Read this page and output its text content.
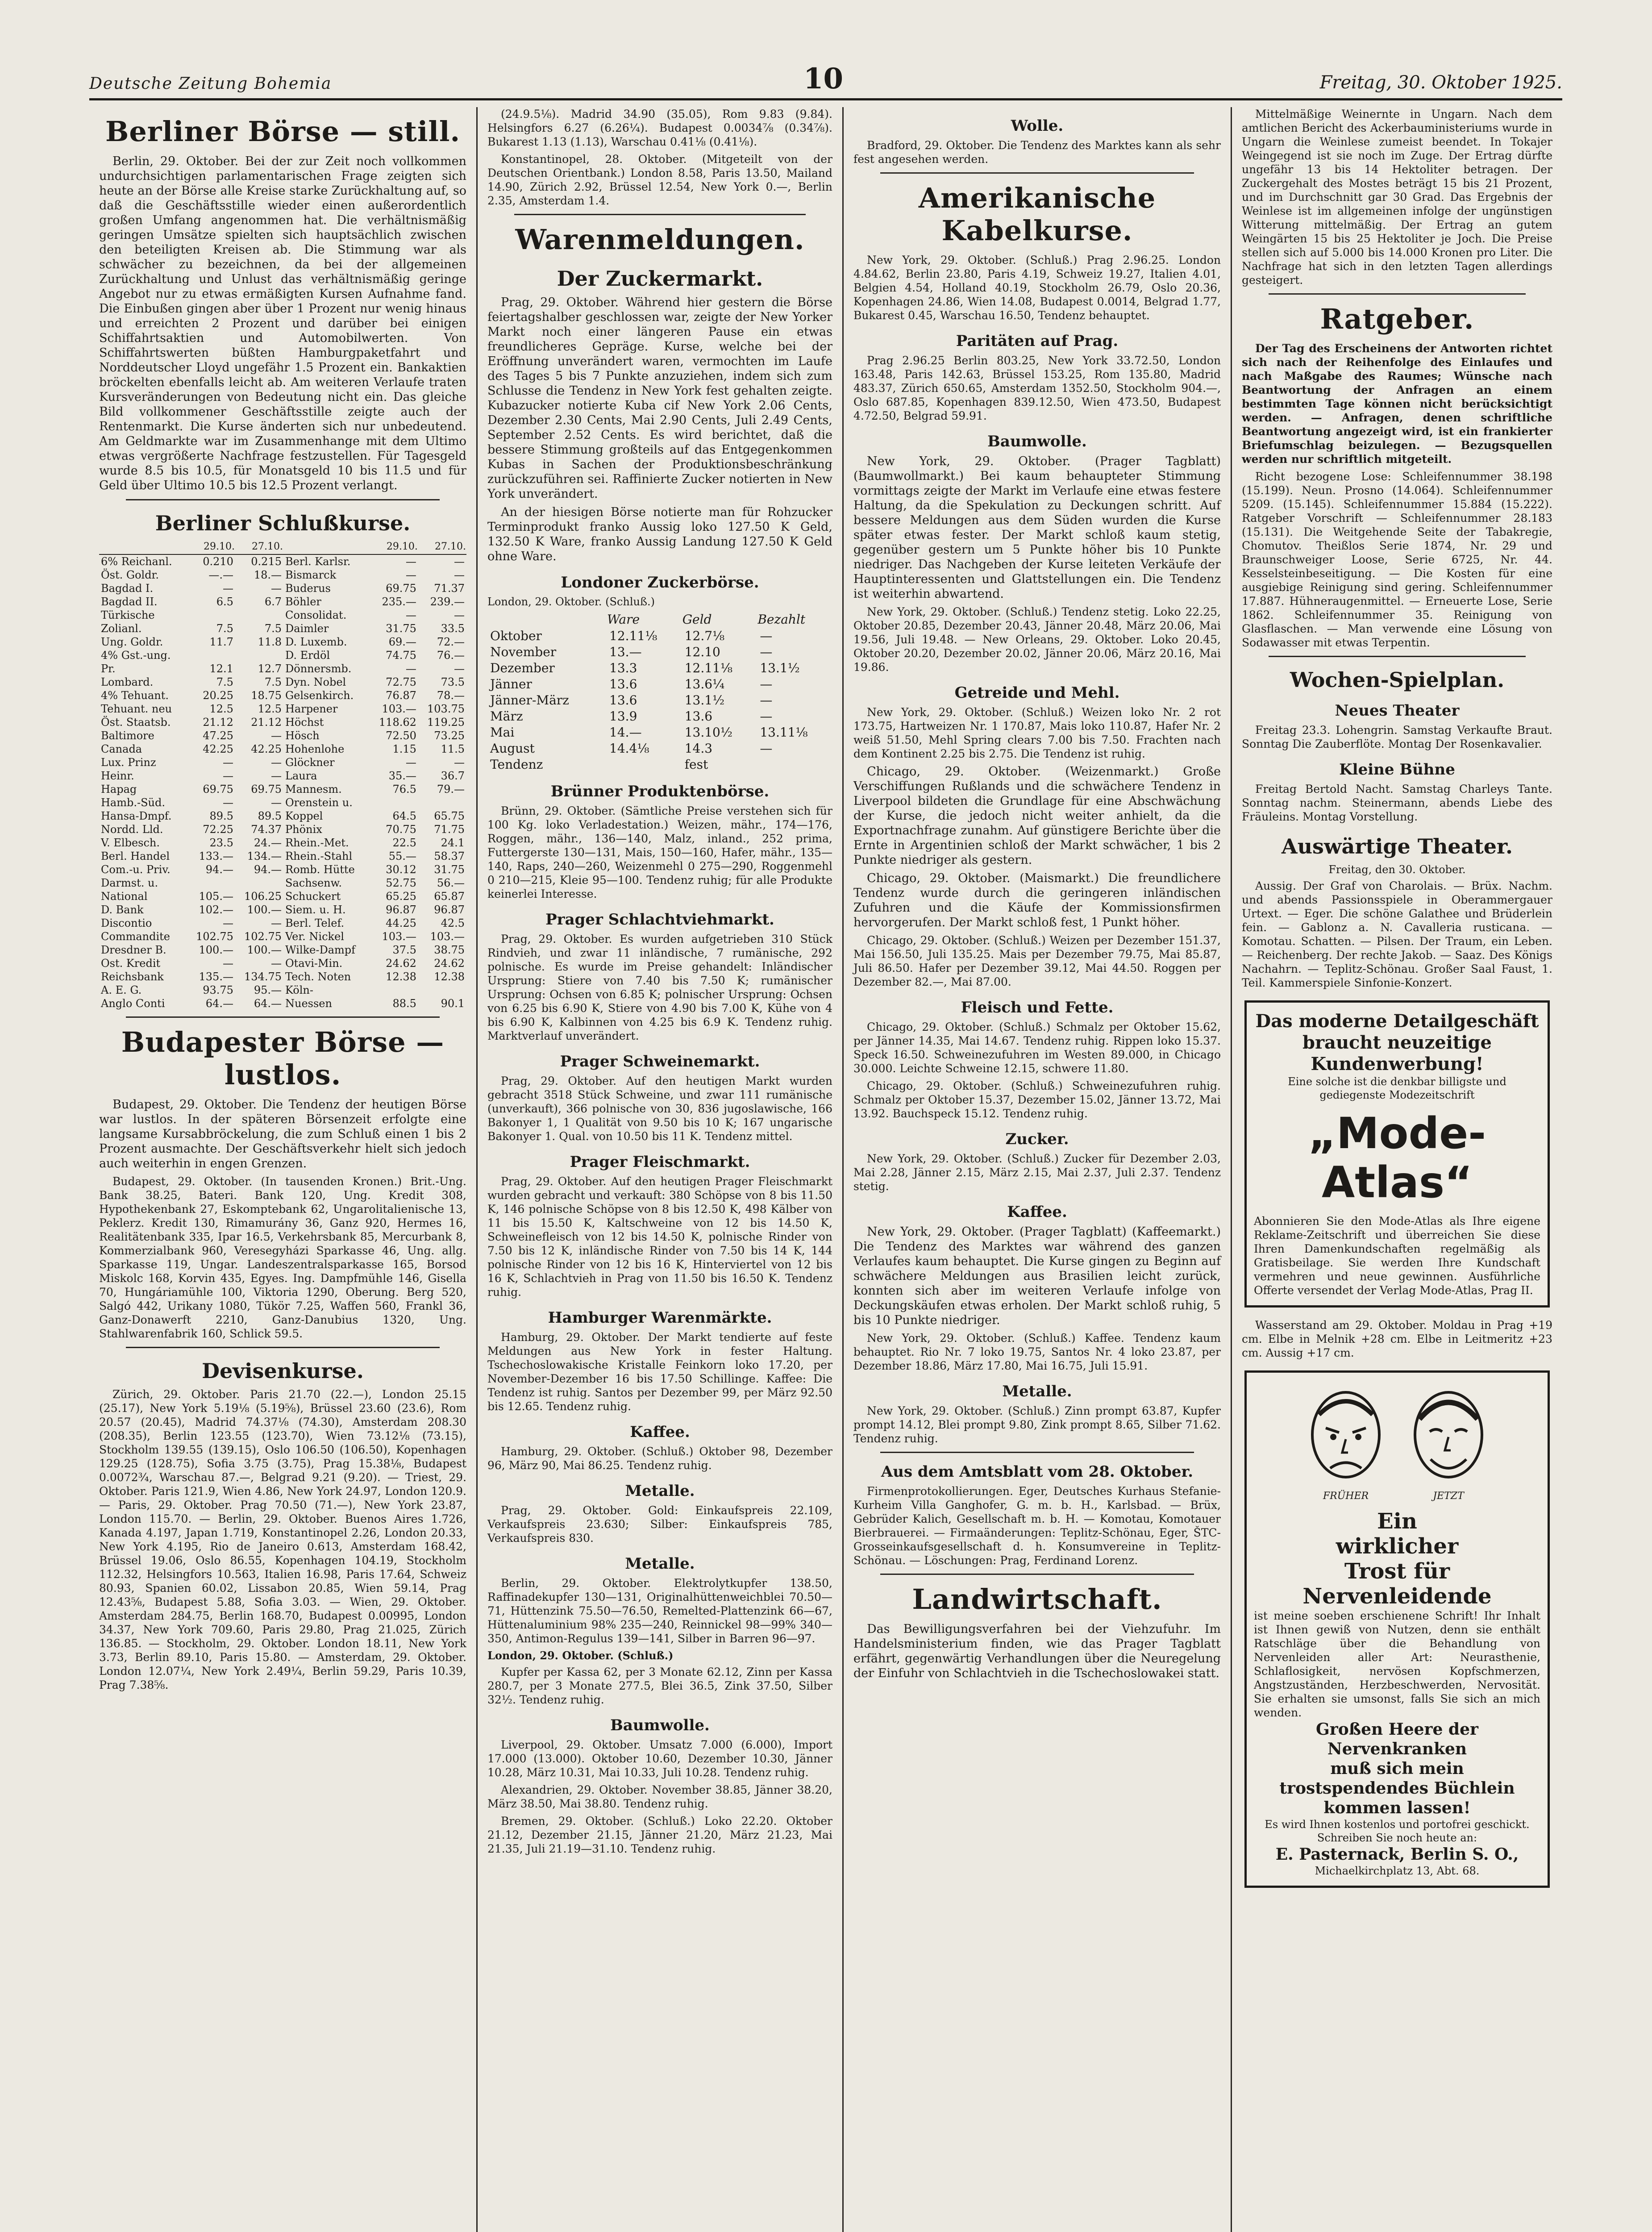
Deutsche Zeitung Bohemia	10	Freitag, 30. Oktober 1925.
Berliner Börse — still.

Berlin, 29. Oktober. Bei der zur Zeit noch vollkommen undurchsichtigen parlamentarischen Frage zeigten sich heute an der Börse alle Kreise starke Zurückhaltung auf, so daß die Geschäftsstille wieder einen außerordentlich großen Umfang angenommen hat. Die verhältnismäßig geringen Umsätze spielten sich hauptsächlich zwischen den beteiligten Kreisen ab. Die Stimmung war als schwächer zu bezeichnen, da bei der allgemeinen Zurückhaltung und Unlust das verhältnismäßig geringe Angebot nur zu etwas ermäßigten Kursen Aufnahme fand. Die Einbußen gingen aber über 1 Prozent nur wenig hinaus und erreichten 2 Prozent und darüber bei einigen Schiffahrtsaktien und Automobilwerten. Von Schiffahrtswerten büßten Hamburgpaketfahrt und Norddeutscher Lloyd ungefähr 1.5 Prozent ein. Bankaktien bröckelten ebenfalls leicht ab. Am weiteren Verlaufe traten Kursveränderungen von Bedeutung nicht ein. Das gleiche Bild vollkommener Geschäftsstille zeigte auch der Rentenmarkt. Die Kurse änderten sich nur unbedeutend. Am Geldmarkte war im Zusammenhange mit dem Ultimo etwas vergrößerte Nachfrage festzustellen. Für Tagesgeld wurde 8.5 bis 10.5, für Monatsgeld 10 bis 11.5 und für Geld über Ultimo 10.5 bis 12.5 Prozent verlangt.

Berliner Schlußkurse.
	29.10.	27.10.		29.10.	27.10.
6% Reichanl.	0.210	0.215	Berl. Karlsr.	—	—
Öst. Goldr.	—.—	18.—	Bismarck	—	—
Bagdad I.	—	—	Buderus	69.75	71.37
Bagdad II.	6.5	6.7	Böhler	235.—	239.—
Türkische			Consolidat.	—	—
Zolianl.	7.5	7.5	Daimler	31.75	33.5
Ung. Goldr.	11.7	11.8	D. Luxemb.	69.—	72.—
4% Gst.-ung.			D. Erdöl	74.75	76.—
Pr.	12.1	12.7	Dönnersmb.	—	—
Lombard.	7.5	7.5	Dyn. Nobel	72.75	73.5
4% Tehuant.	20.25	18.75	Gelsenkirch.	76.87	78.—
Tehuant. neu	12.5	12.5	Harpener	103.—	103.75
Öst. Staatsb.	21.12	21.12	Höchst	118.62	119.25
Baltimore	47.25	—	Hösch	72.50	73.25
Canada	42.25	42.25	Hohenlohe	1.15	11.5
Lux. Prinz	—	—	Glöckner	—	—
Heinr.	—	—	Laura	35.—	36.7
Hapag	69.75	69.75	Mannesm.	76.5	79.—
Hamb.-Süd.	—	—	Orenstein u.		
Hansa-Dmpf.	89.5	89.5	Koppel	64.5	65.75
Nordd. Lld.	72.25	74.37	Phönix	70.75	71.75
V. Elbesch.	23.5	24.—	Rhein.-Met.	22.5	24.1
Berl. Handel	133.—	134.—	Rhein.-Stahl	55.—	58.37
Com.-u. Priv.	94.—	94.—	Romb. Hütte	30.12	31.75
Darmst. u.			Sachsenw.	52.75	56.—
National	105.—	106.25	Schuckert	65.25	65.87
D. Bank	102.—	100.—	Siem. u. H.	96.87	96.87
Discontio	—	—	Berl. Telef.	44.25	42.5
Commandite	102.75	102.75	Ver. Nickel	103.—	103.—
Dresdner B.	100.—	100.—	Wilke-Dampf	37.5	38.75
Ost. Kredit	—	—	Otavi-Min.	24.62	24.62
Reichsbank	135.—	134.75	Tech. Noten	12.38	12.38
A. E. G.	93.75	95.—	Köln-		
Anglo Conti	64.—	64.—	Nuessen	88.5	90.1
Budapester Börse — lustlos.

Budapest, 29. Oktober. Die Tendenz der heutigen Börse war lustlos. In der späteren Börsenzeit erfolgte eine langsame Kursabbröckelung, die zum Schluß einen 1 bis 2 Prozent ausmachte. Der Geschäftsverkehr hielt sich jedoch auch weiterhin in engen Grenzen.

Budapest, 29. Oktober. (In tausenden Kronen.) Brit.-Ung. Bank 38.25, Bateri. Bank 120, Ung. Kredit 308, Hypothekenbank 27, Eskomptebank 62, Ungarolitalienische 13, Peklerz. Kredit 130, Rimamurány 36, Ganz 920, Hermes 16, Realitätenbank 335, Ipar 16.5, Verkehrsbank 85, Mercurbank 8, Kommerzialbank 960, Veresegyházi Sparkasse 46, Ung. allg. Sparkasse 119, Ungar. Landeszentralsparkasse 165, Borsod Miskolc 168, Korvin 435, Egyes. Ing. Dampfmühle 146, Gisella 70, Hungáriamühle 100, Viktoria 1290, Oberung. Berg 520, Salgó 442, Urikany 1080, Tükör 7.25, Waffen 560, Frankl 36, Ganz-Donawerft 2210, Ganz-Danubius 1320, Ung. Stahlwarenfabrik 160, Schlick 59.5.

Devisenkurse.

Zürich, 29. Oktober. Paris 21.70 (22.—), London 25.15 (25.17), New York 5.19⅛ (5.19⅝), Brüssel 23.60 (23.6), Rom 20.57 (20.45), Madrid 74.37⅛ (74.30), Amsterdam 208.30 (208.35), Berlin 123.55 (123.70), Wien 73.12⅛ (73.15), Stockholm 139.55 (139.15), Oslo 106.50 (106.50), Kopenhagen 129.25 (128.75), Sofia 3.75 (3.75), Prag 15.38⅛, Budapest 0.0072¾, Warschau 87.—, Belgrad 9.21 (9.20). — Triest, 29. Oktober. Paris 121.9, Wien 4.86, New York 24.97, London 120.9. — Paris, 29. Oktober. Prag 70.50 (71.—), New York 23.87, London 115.70. — Berlin, 29. Oktober. Buenos Aires 1.726, Kanada 4.197, Japan 1.719, Konstantinopel 2.26, London 20.33, New York 4.195, Rio de Janeiro 0.613, Amsterdam 168.42, Brüssel 19.06, Oslo 86.55, Kopenhagen 104.19, Stockholm 112.32, Helsingfors 10.563, Italien 16.98, Paris 17.64, Schweiz 80.93, Spanien 60.02, Lissabon 20.85, Wien 59.14, Prag 12.43⅝, Budapest 5.88, Sofia 3.03. — Wien, 29. Oktober. Amsterdam 284.75, Berlin 168.70, Budapest 0.00995, London 34.37, New York 709.60, Paris 29.80, Prag 21.025, Zürich 136.85. — Stockholm, 29. Oktober. London 18.11, New York 3.73, Berlin 89.10, Paris 15.80. — Amsterdam, 29. Oktober. London 12.07¼, New York 2.49¼, Berlin 59.29, Paris 10.39, Prag 7.38⅝.

(24.9.5⅛). Madrid 34.90 (35.05), Rom 9.83 (9.84). Helsingfors 6.27 (6.26¼). Budapest 0.0034⅞ (0.34⅞). Bukarest 1.13 (1.13), Warschau 0.41⅛ (0.41⅛).

Konstantinopel, 28. Oktober. (Mitgeteilt von der Deutschen Orientbank.) London 8.58, Paris 13.50, Mailand 14.90, Zürich 2.92, Brüssel 12.54, New York 0.—, Berlin 2.35, Amsterdam 1.4.

Warenmeldungen.
Der Zuckermarkt.

Prag, 29. Oktober. Während hier gestern die Börse feiertagshalber geschlossen war, zeigte der New Yorker Markt noch einer längeren Pause ein etwas freundlicheres Gepräge. Kurse, welche bei der Eröffnung unverändert waren, vermochten im Laufe des Tages 5 bis 7 Punkte anzuziehen, indem sich zum Schlusse die Tendenz in New York fest gehalten zeigte. Kubazucker notierte Kuba cif New York 2.06 Cents, Dezember 2.30 Cents, Mai 2.90 Cents, Juli 2.49 Cents, September 2.52 Cents. Es wird berichtet, daß die bessere Stimmung großteils auf das Entgegenkommen Kubas in Sachen der Produktionsbeschränkung zurückzuführen sei. Raffinierte Zucker notierten in New York unverändert.

An der hiesigen Börse notierte man für Rohzucker Terminprodukt franko Aussig loko 127.50 K Geld, 132.50 K Ware, franko Aussig Landung 127.50 K Geld ohne Ware.

Londoner Zuckerbörse.

London, 29. Oktober. (Schluß.)

	Ware	Geld	Bezahlt
Oktober	12.11⅛	12.7⅛	—
November	13.—	12.10	—
Dezember	13.3	12.11⅛	13.1½
Jänner	13.6	13.6¼	—
Jänner-März	13.6	13.1½	—
März	13.9	13.6	—
Mai	14.—	13.10½	13.11⅛
August	14.4⅛	14.3	—
Tendenz		fest	
Brünner Produktenbörse.

Brünn, 29. Oktober. (Sämtliche Preise verstehen sich für 100 Kg. loko Verladestation.) Weizen, mähr., 174—176, Roggen, mähr., 136—140, Malz, inland., 252 prima, Futtergerste 130—131, Mais, 150—160, Hafer, mähr., 135—140, Raps, 240—260, Weizenmehl 0 275—290, Roggenmehl 0 210—215, Kleie 95—100. Tendenz ruhig; für alle Produkte keinerlei Interesse.

Prager Schlachtviehmarkt.

Prag, 29. Oktober. Es wurden aufgetrieben 310 Stück Rindvieh, und zwar 11 inländische, 7 rumänische, 292 polnische. Es wurde im Preise gehandelt: Inländischer Ursprung: Stiere von 7.40 bis 7.50 K; rumänischer Ursprung: Ochsen von 6.85 K; polnischer Ursprung: Ochsen von 6.25 bis 6.90 K, Stiere von 4.90 bis 7.00 K, Kühe von 4 bis 6.90 K, Kalbinnen von 4.25 bis 6.9 K. Tendenz ruhig. Marktverlauf unverändert.

Prager Schweinemarkt.

Prag, 29. Oktober. Auf den heutigen Markt wurden gebracht 3518 Stück Schweine, und zwar 111 rumänische (unverkauft), 366 polnische von 30, 836 jugoslawische, 166 Bakonyer 1, 1 Qualität von 9.50 bis 10 K; 167 ungarische Bakonyer 1. Qual. von 10.50 bis 11 K. Tendenz mittel.

Prager Fleischmarkt.

Prag, 29. Oktober. Auf den heutigen Prager Fleischmarkt wurden gebracht und verkauft: 380 Schöpse von 8 bis 11.50 K, 146 polnische Schöpse von 8 bis 12.50 K, 498 Kälber von 11 bis 15.50 K, Kaltschweine von 12 bis 14.50 K, Schweinefleisch von 12 bis 14.50 K, polnische Rinder von 7.50 bis 12 K, inländische Rinder von 7.50 bis 14 K, 144 polnische Rinder von 12 bis 16 K, Hinterviertel von 12 bis 16 K, Schlachtvieh in Prag von 11.50 bis 16.50 K. Tendenz ruhig.

Hamburger Warenmärkte.

Hamburg, 29. Oktober. Der Markt tendierte auf feste Meldungen aus New York in fester Haltung. Tschechoslowakische Kristalle Feinkorn loko 17.20, per November-Dezember 16 bis 17.50 Schillinge. Kaffee: Die Tendenz ist ruhig. Santos per Dezember 99, per März 92.50 bis 12.65. Tendenz ruhig.

Kaffee.

Hamburg, 29. Oktober. (Schluß.) Oktober 98, Dezember 96, März 90, Mai 86.25. Tendenz ruhig.

Metalle.

Prag, 29. Oktober. Gold: Einkaufspreis 22.109, Verkaufspreis 23.630; Silber: Einkaufspreis 785, Verkaufspreis 830.

Metalle.

Berlin, 29. Oktober. Elektrolytkupfer 138.50, Raffinadekupfer 130—131, Originalhüttenweichblei 70.50—71, Hüttenzink 75.50—76.50, Remelted-Plattenzink 66—67, Hüttenaluminium 98% 235—240, Reinnickel 98—99% 340—350, Antimon-Regulus 139—141, Silber in Barren 96—97.

London, 29. Oktober. (Schluß.)

Kupfer per Kassa 62, per 3 Monate 62.12, Zinn per Kassa 280.7, per 3 Monate 277.5, Blei 36.5, Zink 37.50, Silber 32½. Tendenz ruhig.

Baumwolle.

Liverpool, 29. Oktober. Umsatz 7.000 (6.000), Import 17.000 (13.000). Oktober 10.60, Dezember 10.30, Jänner 10.28, März 10.31, Mai 10.33, Juli 10.28. Tendenz ruhig.

Alexandrien, 29. Oktober. November 38.85, Jänner 38.20, März 38.50, Mai 38.80. Tendenz ruhig.

Bremen, 29. Oktober. (Schluß.) Loko 22.20. Oktober 21.12, Dezember 21.15, Jänner 21.20, März 21.23, Mai 21.35, Juli 21.19—31.10. Tendenz ruhig.

Wolle.

Bradford, 29. Oktober. Die Tendenz des Marktes kann als sehr fest angesehen werden.

Amerikanische Kabelkurse.

New York, 29. Oktober. (Schluß.) Prag 2.96.25. London 4.84.62, Berlin 23.80, Paris 4.19, Schweiz 19.27, Italien 4.01, Belgien 4.54, Holland 40.19, Stockholm 26.79, Oslo 20.36, Kopenhagen 24.86, Wien 14.08, Budapest 0.0014, Belgrad 1.77, Bukarest 0.45, Warschau 16.50, Tendenz behauptet.

Paritäten auf Prag.

Prag 2.96.25 Berlin 803.25, New York 33.72.50, London 163.48, Paris 142.63, Brüssel 153.25, Rom 135.80, Madrid 483.37, Zürich 650.65, Amsterdam 1352.50, Stockholm 904.—, Oslo 687.85, Kopenhagen 839.12.50, Wien 473.50, Budapest 4.72.50, Belgrad 59.91.

Baumwolle.

New York, 29. Oktober. (Prager Tagblatt) (Baumwollmarkt.) Bei kaum behaupteter Stimmung vormittags zeigte der Markt im Verlaufe eine etwas festere Haltung, da die Spekulation zu Deckungen schritt. Auf bessere Meldungen aus dem Süden wurden die Kurse später etwas fester. Der Markt schloß kaum stetig, gegenüber gestern um 5 Punkte höher bis 10 Punkte niedriger. Das Nachgeben der Kurse leiteten Verkäufe der Hauptinteressenten und Glattstellungen ein. Die Tendenz ist weiterhin abwartend.

New York, 29. Oktober. (Schluß.) Tendenz stetig. Loko 22.25, Oktober 20.85, Dezember 20.43, Jänner 20.48, März 20.06, Mai 19.56, Juli 19.48. — New Orleans, 29. Oktober. Loko 20.45, Oktober 20.20, Dezember 20.02, Jänner 20.06, März 20.16, Mai 19.86.

Getreide und Mehl.

New York, 29. Oktober. (Schluß.) Weizen loko Nr. 2 rot 173.75, Hartweizen Nr. 1 170.87, Mais loko 110.87, Hafer Nr. 2 weiß 51.50, Mehl Spring clears 7.00 bis 7.50. Frachten nach dem Kontinent 2.25 bis 2.75. Die Tendenz ist ruhig.

Chicago, 29. Oktober. (Weizenmarkt.) Große Verschiffungen Rußlands und die schwächere Tendenz in Liverpool bildeten die Grundlage für eine Abschwächung der Kurse, die jedoch nicht weiter anhielt, da die Exportnachfrage zunahm. Auf günstigere Berichte über die Ernte in Argentinien schloß der Markt schwächer, 1 bis 2 Punkte niedriger als gestern.

Chicago, 29. Oktober. (Maismarkt.) Die freundlichere Tendenz wurde durch die geringeren inländischen Zufuhren und die Käufe der Kommissionsfirmen hervorgerufen. Der Markt schloß fest, 1 Punkt höher.

Chicago, 29. Oktober. (Schluß.) Weizen per Dezember 151.37, Mai 156.50, Juli 135.25. Mais per Dezember 79.75, Mai 85.87, Juli 86.50. Hafer per Dezember 39.12, Mai 44.50. Roggen per Dezember 82.—, Mai 87.00.

Fleisch und Fette.

Chicago, 29. Oktober. (Schluß.) Schmalz per Oktober 15.62, per Jänner 14.35, Mai 14.67. Tendenz ruhig. Rippen loko 15.37. Speck 16.50. Schweinezufuhren im Westen 89.000, in Chicago 30.000. Leichte Schweine 12.15, schwere 11.80.

Chicago, 29. Oktober. (Schluß.) Schweinezufuhren ruhig. Schmalz per Oktober 15.37, Dezember 15.02, Jänner 13.72, Mai 13.92. Bauchspeck 15.12. Tendenz ruhig.

Zucker.

New York, 29. Oktober. (Schluß.) Zucker für Dezember 2.03, Mai 2.28, Jänner 2.15, März 2.15, Mai 2.37, Juli 2.37. Tendenz stetig.

Kaffee.

New York, 29. Oktober. (Prager Tagblatt) (Kaffeemarkt.) Die Tendenz des Marktes war während des ganzen Verlaufes kaum behauptet. Die Kurse gingen zu Beginn auf schwächere Meldungen aus Brasilien leicht zurück, konnten sich aber im weiteren Verlaufe infolge von Deckungskäufen etwas erholen. Der Markt schloß ruhig, 5 bis 10 Punkte niedriger.

New York, 29. Oktober. (Schluß.) Kaffee. Tendenz kaum behauptet. Rio Nr. 7 loko 19.75, Santos Nr. 4 loko 23.87, per Dezember 18.86, März 17.80, Mai 16.75, Juli 15.91.

Metalle.

New York, 29. Oktober. (Schluß.) Zinn prompt 63.87, Kupfer prompt 14.12, Blei prompt 9.80, Zink prompt 8.65, Silber 71.62. Tendenz ruhig.

Aus dem Amtsblatt vom 28. Oktober.

Firmenprotokollierungen. Eger, Deutsches Kurhaus Stefanie-Kurheim Villa Ganghofer, G. m. b. H., Karlsbad. — Brüx, Gebrüder Kalich, Gesellschaft m. b. H. — Komotau, Komotauer Bierbrauerei. — Firmaänderungen: Teplitz-Schönau, Eger, ŠTC-Grosseinkaufsgesellschaft d. h. Konsumvereine in Teplitz-Schönau. — Löschungen: Prag, Ferdinand Lorenz.

Landwirtschaft.

Das Bewilligungsverfahren bei der Viehzufuhr. Im Handelsministerium finden, wie das Prager Tagblatt erfährt, gegenwärtig Verhandlungen über die Neuregelung der Einfuhr von Schlachtvieh in die Tschechoslowakei statt.

Mittelmäßige Weinernte in Ungarn. Nach dem amtlichen Bericht des Ackerbauministeriums wurde in Ungarn die Weinlese zumeist beendet. In Tokajer Weingegend ist sie noch im Zuge. Der Ertrag dürfte ungefähr 13 bis 14 Hektoliter betragen. Der Zuckergehalt des Mostes beträgt 15 bis 21 Prozent, und im Durchschnitt gar 30 Grad. Das Ergebnis der Weinlese ist im allgemeinen infolge der ungünstigen Witterung mittelmäßig. Der Ertrag an gutem Weingärten 15 bis 25 Hektoliter je Joch. Die Preise stellen sich auf 5.000 bis 14.000 Kronen pro Liter. Die Nachfrage hat sich in den letzten Tagen allerdings gesteigert.

Ratgeber.

Der Tag des Erscheinens der Antworten richtet sich nach der Reihenfolge des Einlaufes und nach Maßgabe des Raumes; Wünsche nach Beantwortung der Anfragen an einem bestimmten Tage können nicht berücksichtigt werden. — Anfragen, denen schriftliche Beantwortung angezeigt wird, ist ein frankierter Briefumschlag beizulegen. — Bezugsquellen werden nur schriftlich mitgeteilt.

Richt bezogene Lose: Schleifennummer 38.198 (15.199). Neun. Prosno (14.064). Schleifennummer 5209. (15.145). Schleifennummer 15.884 (15.222). Ratgeber Vorschrift — Schleifennummer 28.183 (15.131). Die Weitgehende Seite der Tabakregie, Chomutov. Theißlos Serie 1874, Nr. 29 und Braunschweiger Loose, Serie 6725, Nr. 44. Kesselsteinbeseitigung. — Die Kosten für eine ausgiebige Reinigung sind gering. Schleifennummer 17.887. Hühneraugenmittel. — Erneuerte Lose, Serie 1862. Schleifennummer 35. Reinigung von Glasflaschen. — Man verwende eine Lösung von Sodawasser mit etwas Terpentin.

Wochen-Spielplan.
Neues Theater

Freitag 23.3. Lohengrin. Samstag Verkaufte Braut. Sonntag Die Zauberflöte. Montag Der Rosenkavalier.

Kleine Bühne

Freitag Bertold Nacht. Samstag Charleys Tante. Sonntag nachm. Steinermann, abends Liebe des Fräuleins. Montag Vorstellung.

Auswärtige Theater.

Freitag, den 30. Oktober.

Aussig. Der Graf von Charolais. — Brüx. Nachm. und abends Passionsspiele in Oberammergauer Urtext. — Eger. Die schöne Galathee und Brüderlein fein. — Gablonz a. N. Cavalleria rusticana. — Komotau. Schatten. — Pilsen. Der Traum, ein Leben. — Reichenberg. Der rechte Jakob. — Saaz. Des Königs Nachahrn. — Teplitz-Schönau. Großer Saal Faust, 1. Teil. Kammerspiele Sinfonie-Konzert.

Das moderne Detailgeschäft braucht neuzeitige Kundenwerbung!
Eine solche ist die denkbar billigste und gediegenste Modezeitschrift
„Mode-Atlas“
Abonnieren Sie den Mode-Atlas als Ihre eigene Reklame-Zeitschrift und überreichen Sie diese Ihren Damenkundschaften regelmäßig als Gratisbeilage. Sie werden Ihre Kundschaft vermehren und neue gewinnen. Ausführliche Offerte versendet der Verlag Mode-Atlas, Prag II.

Wasserstand am 29. Oktober. Moldau in Prag +19 cm. Elbe in Melnik +28 cm. Elbe in Leitmeritz +23 cm. Aussig +17 cm.

FRÜHER	JETZT
Ein
wirklicher
Trost für Nervenleidende
ist meine soeben erschienene Schrift! Ihr Inhalt ist Ihnen gewiß von Nutzen, denn sie enthält Ratschläge über die Behandlung von Nervenleiden aller Art: Neurasthenie, Schlaflosigkeit, nervösen Kopfschmerzen, Angstzuständen, Herzbeschwerden, Nervosität. Sie erhalten sie umsonst, falls Sie sich an mich wenden.
Großen Heere der Nervenkranken
muß sich mein trostspendendes Büchlein kommen lassen!
Es wird Ihnen kostenlos und portofrei geschickt. Schreiben Sie noch heute an:
E. Pasternack, Berlin S. O.,
Michaelkirchplatz 13, Abt. 68.
